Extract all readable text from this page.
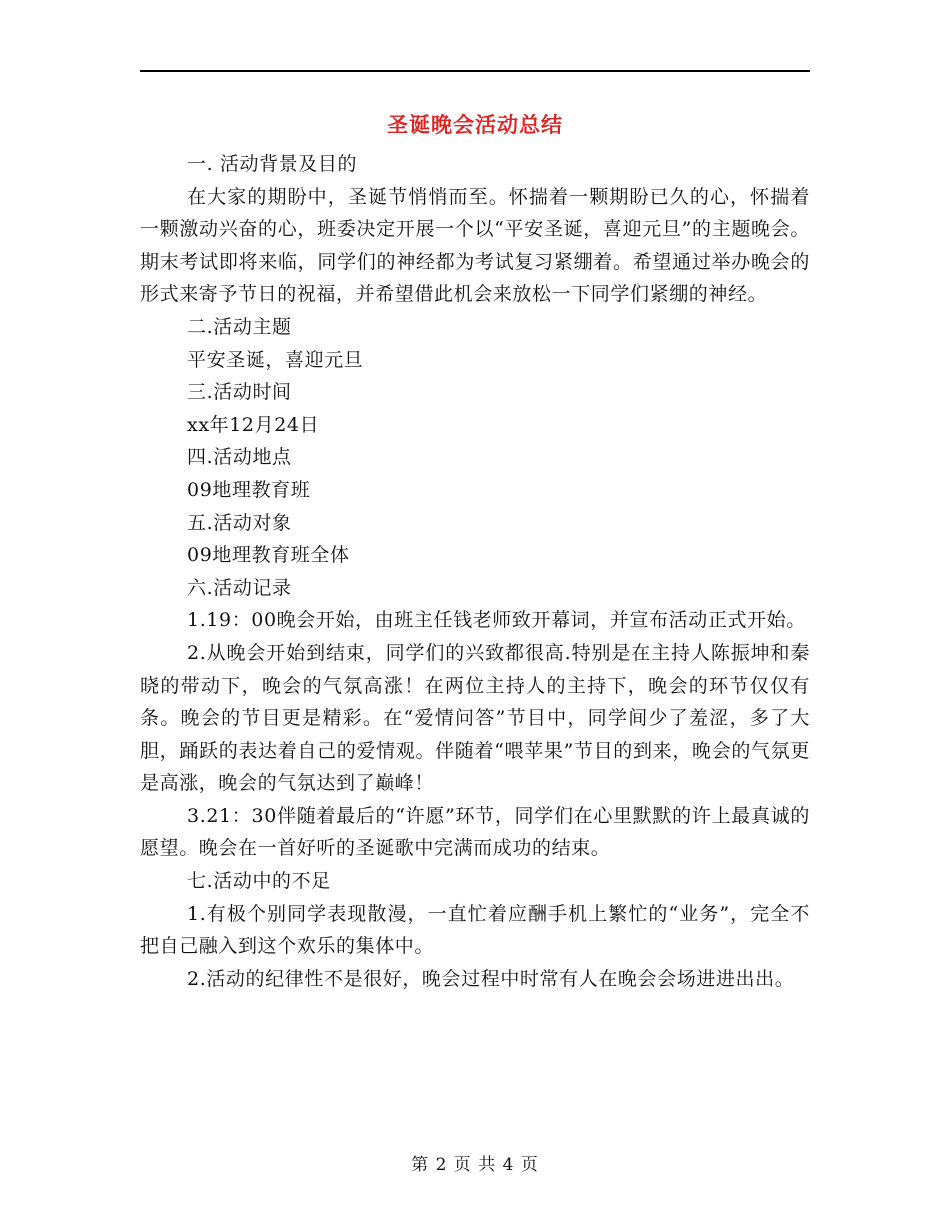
圣诞晚会活动总结

一. 活动背景及目的

在大家的期盼中，圣诞节悄悄而至。怀揣着一颗期盼已久的心，怀揣着一颗激动兴奋的心，班委决定开展一个以“平安圣诞，喜迎元旦”的主题晚会。期末考试即将来临，同学们的神经都为考试复习紧绷着。希望通过举办晚会的形式来寄予节日的祝福，并希望借此机会来放松一下同学们紧绷的神经。

二.活动主题

平安圣诞，喜迎元旦

三.活动时间

xx年12月24日

四.活动地点

09地理教育班

五.活动对象

09地理教育班全体

六.活动记录

1.19：00晚会开始，由班主任钱老师致开幕词，并宣布活动正式开始。

2.从晚会开始到结束，同学们的兴致都很高.特别是在主持人陈振坤和秦晓的带动下，晚会的气氛高涨！在两位主持人的主持下，晚会的环节仅仅有条。晚会的节目更是精彩。在“爱情问答”节目中，同学间少了羞涩，多了大胆，踊跃的表达着自己的爱情观。伴随着“喂苹果”节目的到来，晚会的气氛更是高涨，晚会的气氛达到了巅峰！

3.21：30伴随着最后的“许愿”环节，同学们在心里默默的许上最真诚的愿望。晚会在一首好听的圣诞歌中完满而成功的结束。

七.活动中的不足

1.有极个别同学表现散漫，一直忙着应酬手机上繁忙的“业务”，完全不把自己融入到这个欢乐的集体中。

2.活动的纪律性不是很好，晚会过程中时常有人在晚会会场进进出出。

第 2 页 共 4 页
